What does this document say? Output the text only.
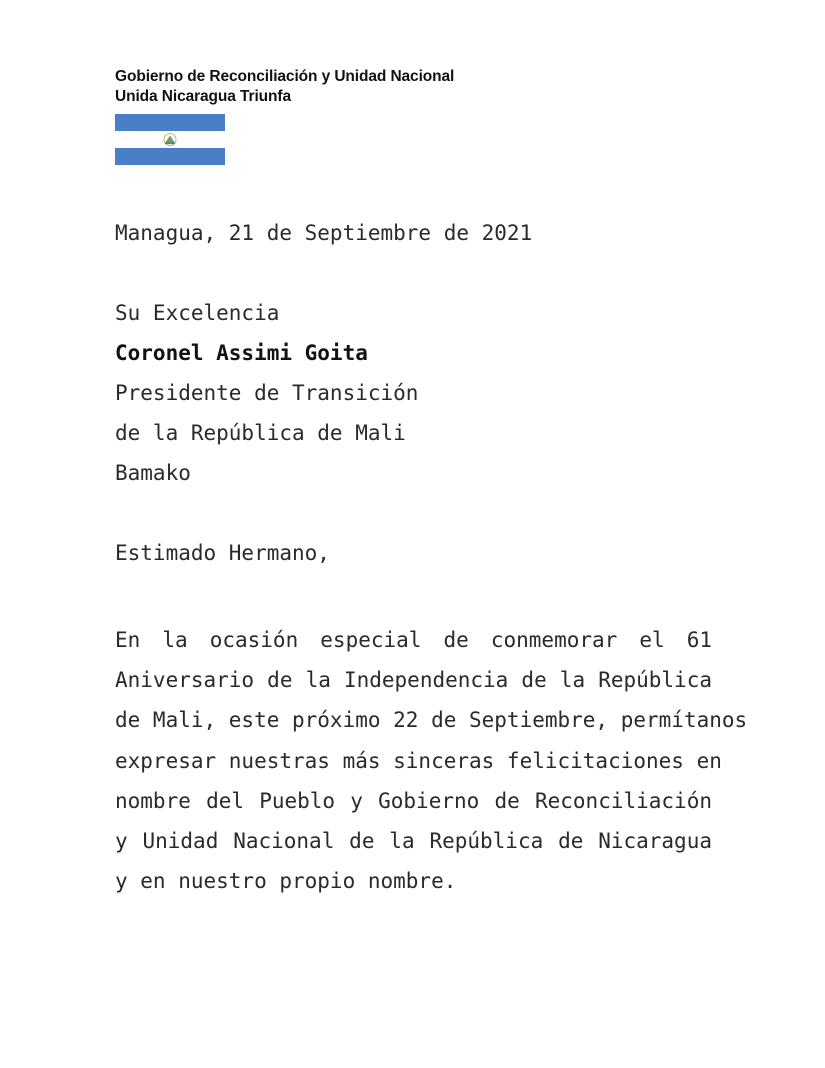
Gobierno de Reconciliación y Unidad Nacional
Unida Nicaragua Triunfa
Managua, 21 de Septiembre de 2021
Su Excelencia
Coronel Assimi Goita
Presidente de Transición
de la República de Mali
Bamako
Estimado Hermano,
En la ocasión especial de conmemorar el 61
Aniversario de la Independencia de la República
de Mali, este próximo 22 de Septiembre, permítanos
expresar nuestras más sinceras felicitaciones en
nombre del Pueblo y Gobierno de Reconciliación
y Unidad Nacional de la República de Nicaragua
y en nuestro propio nombre.
